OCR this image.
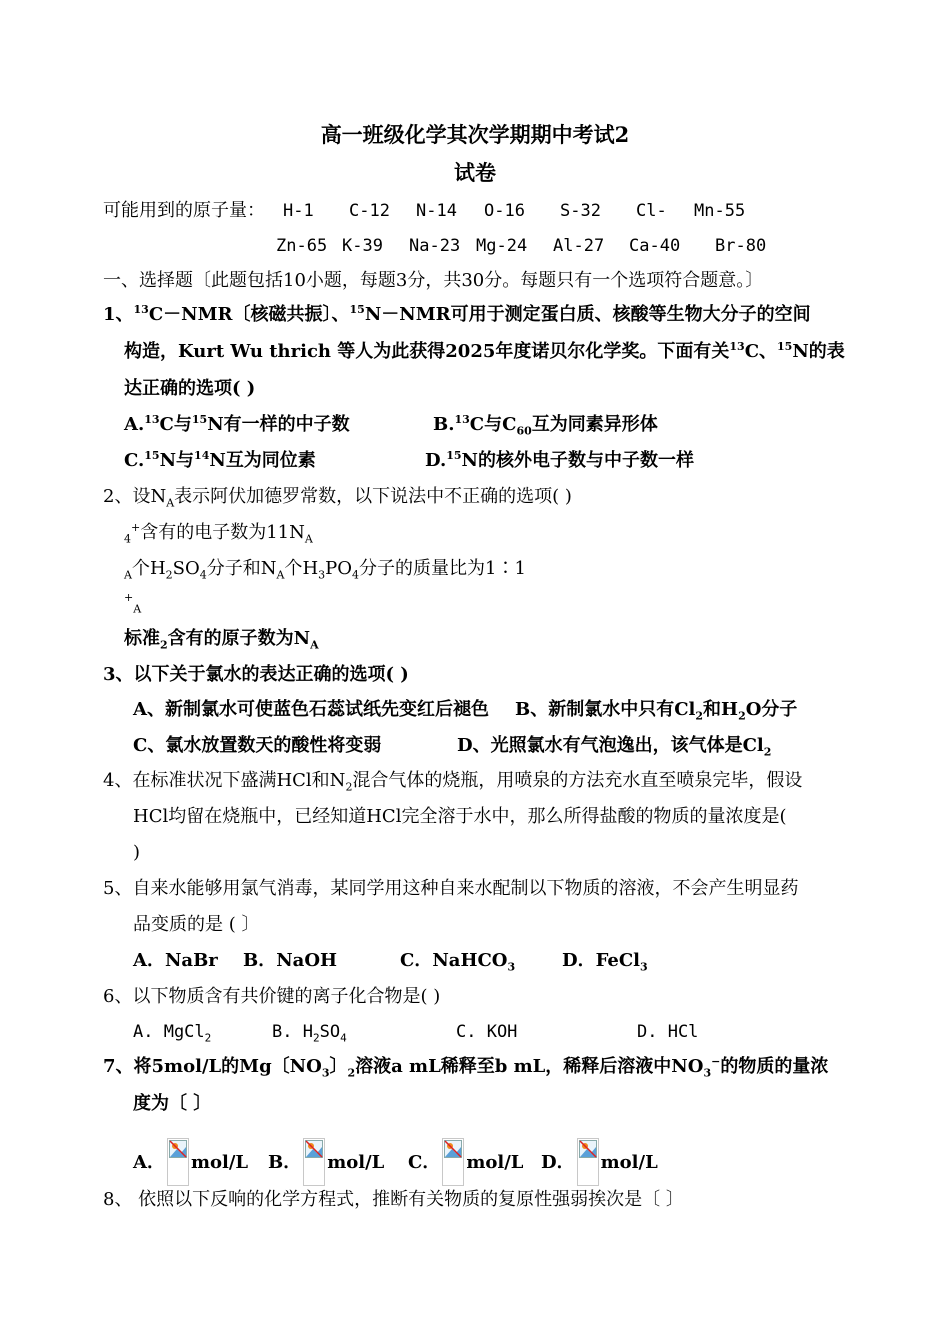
高一班级化学其次学期期中考试2
试卷
可能用到的原子量： H-1 C-12 N-14 O-16 S-32 Cl- Mn-55
Zn-65 K-39 Na-23 Mg-24 Al-27 Ca-40 Br-80
一、选择题〔此题包括10小题，每题3分，共30分。每题只有一个选项符合题意。〕
1、$^{13}$C－NMR〔核磁共振〕、$^{15}$N－NMR可用于测定蛋白质、核酸等生物大分子的空间
构造，Kurt Wu thrich 等人为此获得2025年度诺贝尔化学奖。下面有关$^{13}$C、$^{15}$N的表
达正确的选项( )
A.$^{13}$C与$^{15}$N有一样的中子数	B.$^{13}$C与$C_{60}$互为同素异形体
C.$^{15}$N与$^{14}$N互为同位素	D.$^{15}$N的核外电子数与中子数一样
2、设$N_A$表示阿伏加德罗常数，以下说法中不正确的选项( )
$_4$+含有的电子数为$11N_A$
$_A$个$H_2SO_4$分子和$N_A$个$H_3PO_4$分子的质量比为1∶1
+$_A$
标准$_2$含有的原子数为$N_A$
3、以下关于氯水的表达正确的选项( )
A、新制氯水可使蓝色石蕊试纸先变红后褪色 B、新制氯水中只有$Cl_2$和$H_2O$分子
C、氯水放置数天的酸性将变弱	D、光照氯水有气泡逸出，该气体是$Cl_2$
4、在标准状况下盛满HCl和$N_2$混合气体的烧瓶，用喷泉的方法充水直至喷泉完毕，假设
HCl均留在烧瓶中，已经知道HCl完全溶于水中，那么所得盐酸的物质的量浓度是(
)
5、自来水能够用氯气消毒，某同学用这种自来水配制以下物质的溶液，不会产生明显药
品变质的是 ( 〕
A．NaBr B．NaOH	C．NaHCO$_3$	D．FeCl$_3$
6、以下物质含有共价键的离子化合物是( )
A. MgCl$_2$	B. $H_2SO_4$	C. KOH	D. HCl
7、将5mol/L的Mg〔$NO_3$〕$_2$溶液a mL稀释至b mL，稀释后溶液中$NO_3^-$的物质的量浓
度为〔 〕
A． mol/L B． mol/L C． mol/L D． mol/L
8、 依照以下反响的化学方程式，推断有关物质的复原性强弱挨次是〔 〕
